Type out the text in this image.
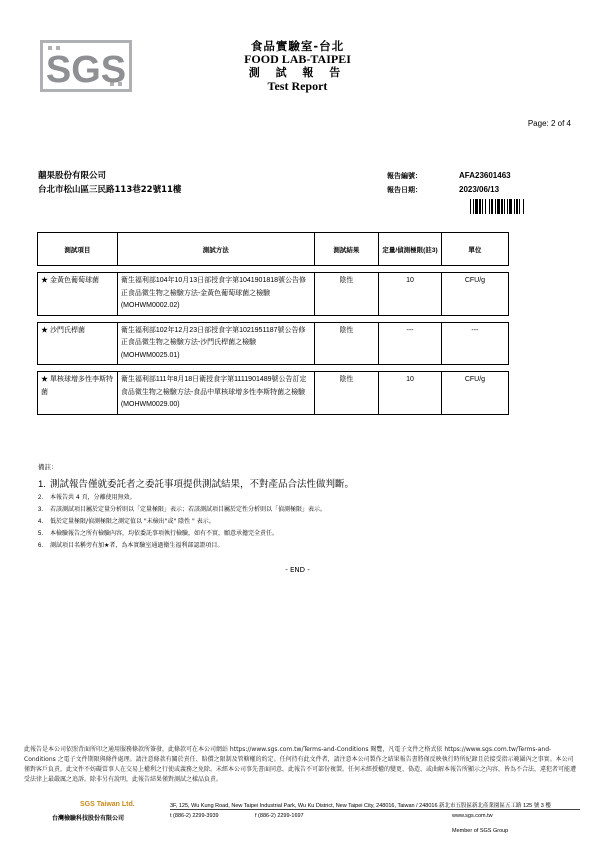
SGS
食品實驗室-台北
FOOD LAB-TAIPEI
測 試 報 告
Test Report
Page: 2 of 4
囍果股份有限公司
台北市松山區三民路113巷22號11樓
報告編號：	AFA23601463
報告日期：	2023/06/13
測試項目	測試方法	測試結果	定量/偵測極限(註3)	單位

★ 金黃色葡萄球菌	衛生福利部104年10月13日部授食字第1041901818號公告修正食品微生物之檢驗方法-金黃色葡萄球菌之檢驗(MOHWM0002.02)	陰性	10	CFU/g

★ 沙門氏桿菌	衛生福利部102年12月23日部授食字第1021951187號公告修正食品微生物之檢驗方法-沙門氏桿菌之檢驗(MOHWM0025.01)	陰性	---	---

★ 單核球增多性李斯特菌	衛生福利部111年8月18日衛授食字第1111901489號公告訂定食品微生物之檢驗方法-食品中單核球增多性李斯特菌之檢驗(MOHWM0029.00)	陰性	10	CFU/g
備註：
1. 測試報告僅就委託者之委託事項提供測試結果，不對產品合法性做判斷。
2. 本報告共 4 頁，分離使用無效。
3. 若該測試項目屬於定量分析則以「定量極限」表示；若該測試項目屬於定性分析則以「偵測極限」表示。
4. 低於定量極限/偵測極限之測定值以 "未檢出"或" 陰性 " 表示。
5. 本檢驗報告之所有檢驗內容，均依委託事項執行檢驗，如有不實，願意承擔完全責任。
6. 測試項目名稱旁有加★者，為本實驗室通過衛生福利部認證項目。
- END -
此報告是本公司依照背面所印之通用服務條款所簽發，此條款可在本公司網站 https://www.sgs.com.tw/Terms-and-Conditions 閱覽，凡電子文件之格式依 https://www.sgs.com.tw/Terms-and-Conditions 之電子文件期限與條件處理。請注意條款有關於責任、賠償之限制及管轄權的約定。任何持有此文件者，請注意本公司製作之結果報告書將僅反映執行時所紀錄且於接受指示範圍內之事實。本公司僅對客戶負責，此文件不妨礙當事人在交易上權利之行使或義務之免除。未經本公司事先書面同意，此報告不可部份複製。任何未經授權的變更、偽造、或曲解本報告所顯示之內容，皆為不合法，違犯者可能遭受法律上最嚴厲之追訴。除非另有說明，此報告結果僅對測試之樣品負責。
SGS Taiwan Ltd.
台灣檢驗科技股份有限公司
3F, 125, Wu Kung Road, New Taipei Industrial Park, Wu Ku District, New Taipei City, 248016, Taiwan / 248016 新北市五股區新北產業園區五工路 125 號 3 樓
t (886-2) 2299-3939	f (886-2) 2299-1697	www.sgs.com.tw
Member of SGS Group
